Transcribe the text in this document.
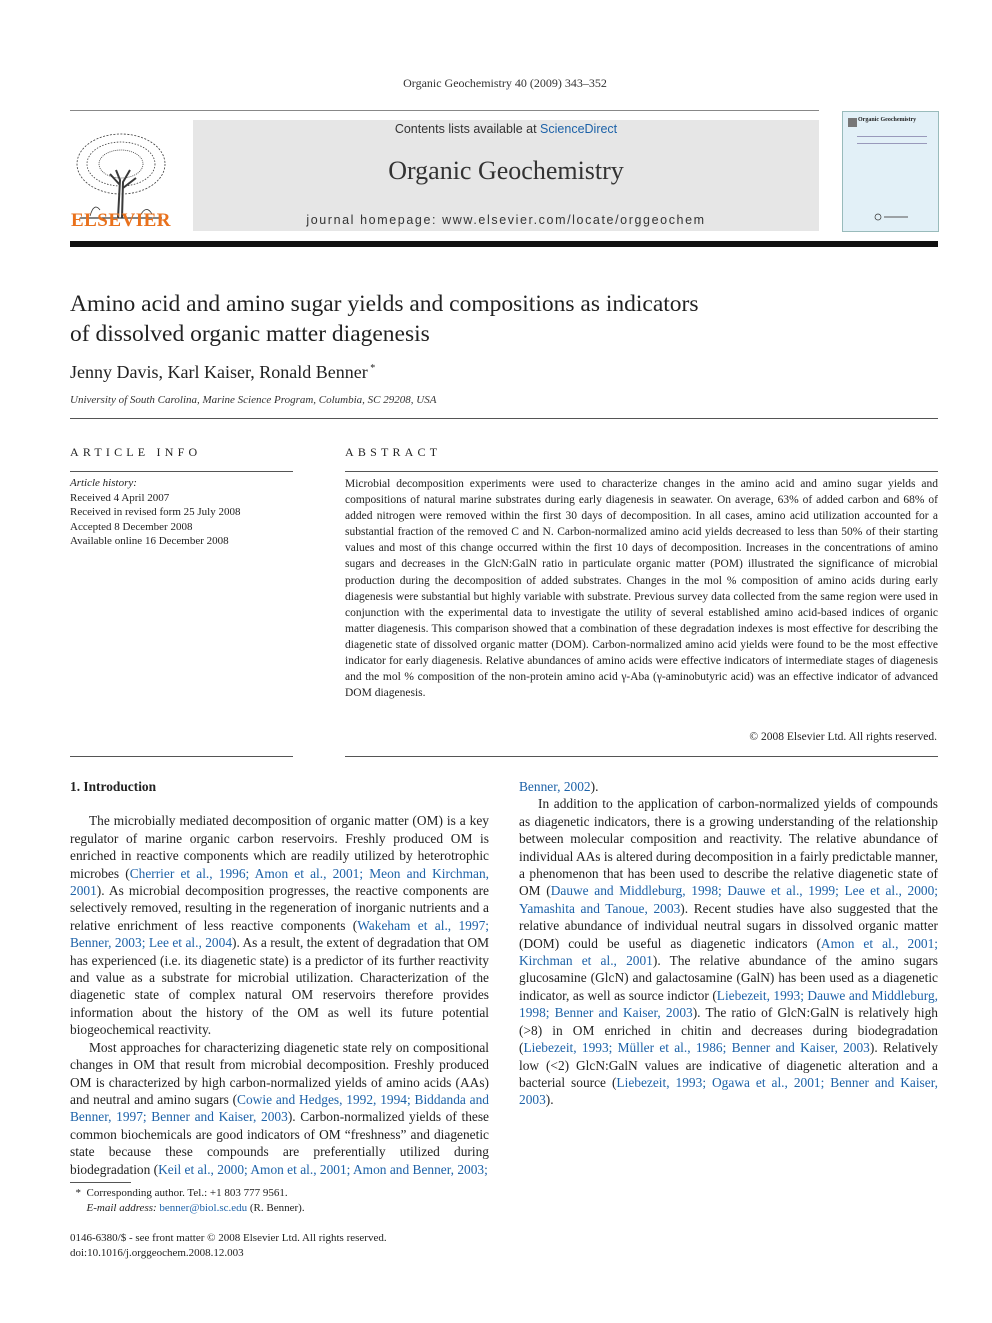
Organic Geochemistry 40 (2009) 343–352
ELSEVIER
Contents lists available at ScienceDirect
Organic Geochemistry
journal homepage: www.elsevier.com/locate/orggeochem
Organic Geochemistry
Amino acid and amino sugar yields and compositions as indicators
of dissolved organic matter diagenesis
Jenny Davis, Karl Kaiser, Ronald Benner *
University of South Carolina, Marine Science Program, Columbia, SC 29208, USA
ARTICLE INFO	ABSTRACT
Article history:
Received 4 April 2007
Received in revised form 25 July 2008
Accepted 8 December 2008
Available online 16 December 2008
Microbial decomposition experiments were used to characterize changes in the amino acid and amino sugar yields and compositions of natural marine substrates during early diagenesis in seawater. On average, 63% of added carbon and 68% of added nitrogen were removed within the first 30 days of decomposition. In all cases, amino acid utilization accounted for a substantial fraction of the removed C and N. Carbon-normalized amino acid yields decreased to less than 50% of their starting values and most of this change occurred within the first 10 days of decomposition. Increases in the concentrations of amino sugars and decreases in the GlcN:GalN ratio in particulate organic matter (POM) illustrated the significance of microbial production during the decomposition of added substrates. Changes in the mol % composition of amino acids during early diagenesis were substantial but highly variable with substrate. Previous survey data collected from the same region were used in conjunction with the experimental data to investigate the utility of several established amino acid-based indices of organic matter diagenesis. This comparison showed that a combination of these degradation indexes is most effective for describing the diagenetic state of dissolved organic matter (DOM). Carbon-normalized amino acid yields were found to be the most effective indicator for early diagenesis. Relative abundances of amino acids were effective indicators of intermediate stages of diagenesis and the mol % composition of the non-protein amino acid γ-Aba (γ-aminobutyric acid) was an effective indicator of advanced DOM diagenesis.
© 2008 Elsevier Ltd. All rights reserved.

1. Introduction

The microbially mediated decomposition of organic matter (OM) is a key regulator of marine organic carbon reservoirs. Freshly produced OM is enriched in reactive components which are readily utilized by heterotrophic microbes (Cherrier et al., 1996; Amon et al., 2001; Meon and Kirchman, 2001). As microbial decomposition progresses, the reactive components are selectively removed, resulting in the regeneration of inorganic nutrients and a relative enrichment of less reactive components (Wakeham et al., 1997; Benner, 2003; Lee et al., 2004). As a result, the extent of degradation that OM has experienced (i.e. its diagenetic state) is a predictor of its further reactivity and value as a substrate for microbial utilization. Characterization of the diagenetic state of complex natural OM reservoirs therefore provides information about the history of the OM as well its future potential biogeochemical reactivity.

Most approaches for characterizing diagenetic state rely on compositional changes in OM that result from microbial decomposition. Freshly produced OM is characterized by high carbon-normalized yields of amino acids (AAs) and neutral and amino sugars (Cowie and Hedges, 1992, 1994; Biddanda and Benner, 1997; Benner and Kaiser, 2003). Carbon-normalized yields of these common biochemicals are good indicators of OM “freshness” and diagenetic state because these compounds are preferentially utilized during biodegradation (Keil et al., 2000; Amon et al., 2001; Amon and Benner, 2003;

Benner, 2002).

In addition to the application of carbon-normalized yields of compounds as diagenetic indicators, there is a growing understanding of the relationship between molecular composition and reactivity. The relative abundance of individual AAs is altered during decomposition in a fairly predictable manner, a phenomenon that has been used to describe the relative diagenetic state of OM (Dauwe and Middleburg, 1998; Dauwe et al., 1999; Lee et al., 2000; Yamashita and Tanoue, 2003). Recent studies have also suggested that the relative abundance of individual neutral sugars in dissolved organic matter (DOM) could be useful as diagenetic indicators (Amon et al., 2001; Kirchman et al., 2001). The relative abundance of the amino sugars glucosamine (GlcN) and galactosamine (GalN) has been used as a diagenetic indicator, as well as source indictor (Liebezeit, 1993; Dauwe and Middleburg, 1998; Benner and Kaiser, 2003). The ratio of GlcN:GalN is relatively high (>8) in OM enriched in chitin and decreases during biodegradation (Liebezeit, 1993; Müller et al., 1986; Benner and Kaiser, 2003). Relatively low (<2) GlcN:GalN values are indicative of diagenetic alteration and a bacterial source (Liebezeit, 1993; Ogawa et al., 2001; Benner and Kaiser, 2003).

* Corresponding author. Tel.: +1 803 777 9561.
E-mail address: benner@biol.sc.edu (R. Benner).
0146-6380/$ - see front matter © 2008 Elsevier Ltd. All rights reserved.
doi:10.1016/j.orggeochem.2008.12.003
